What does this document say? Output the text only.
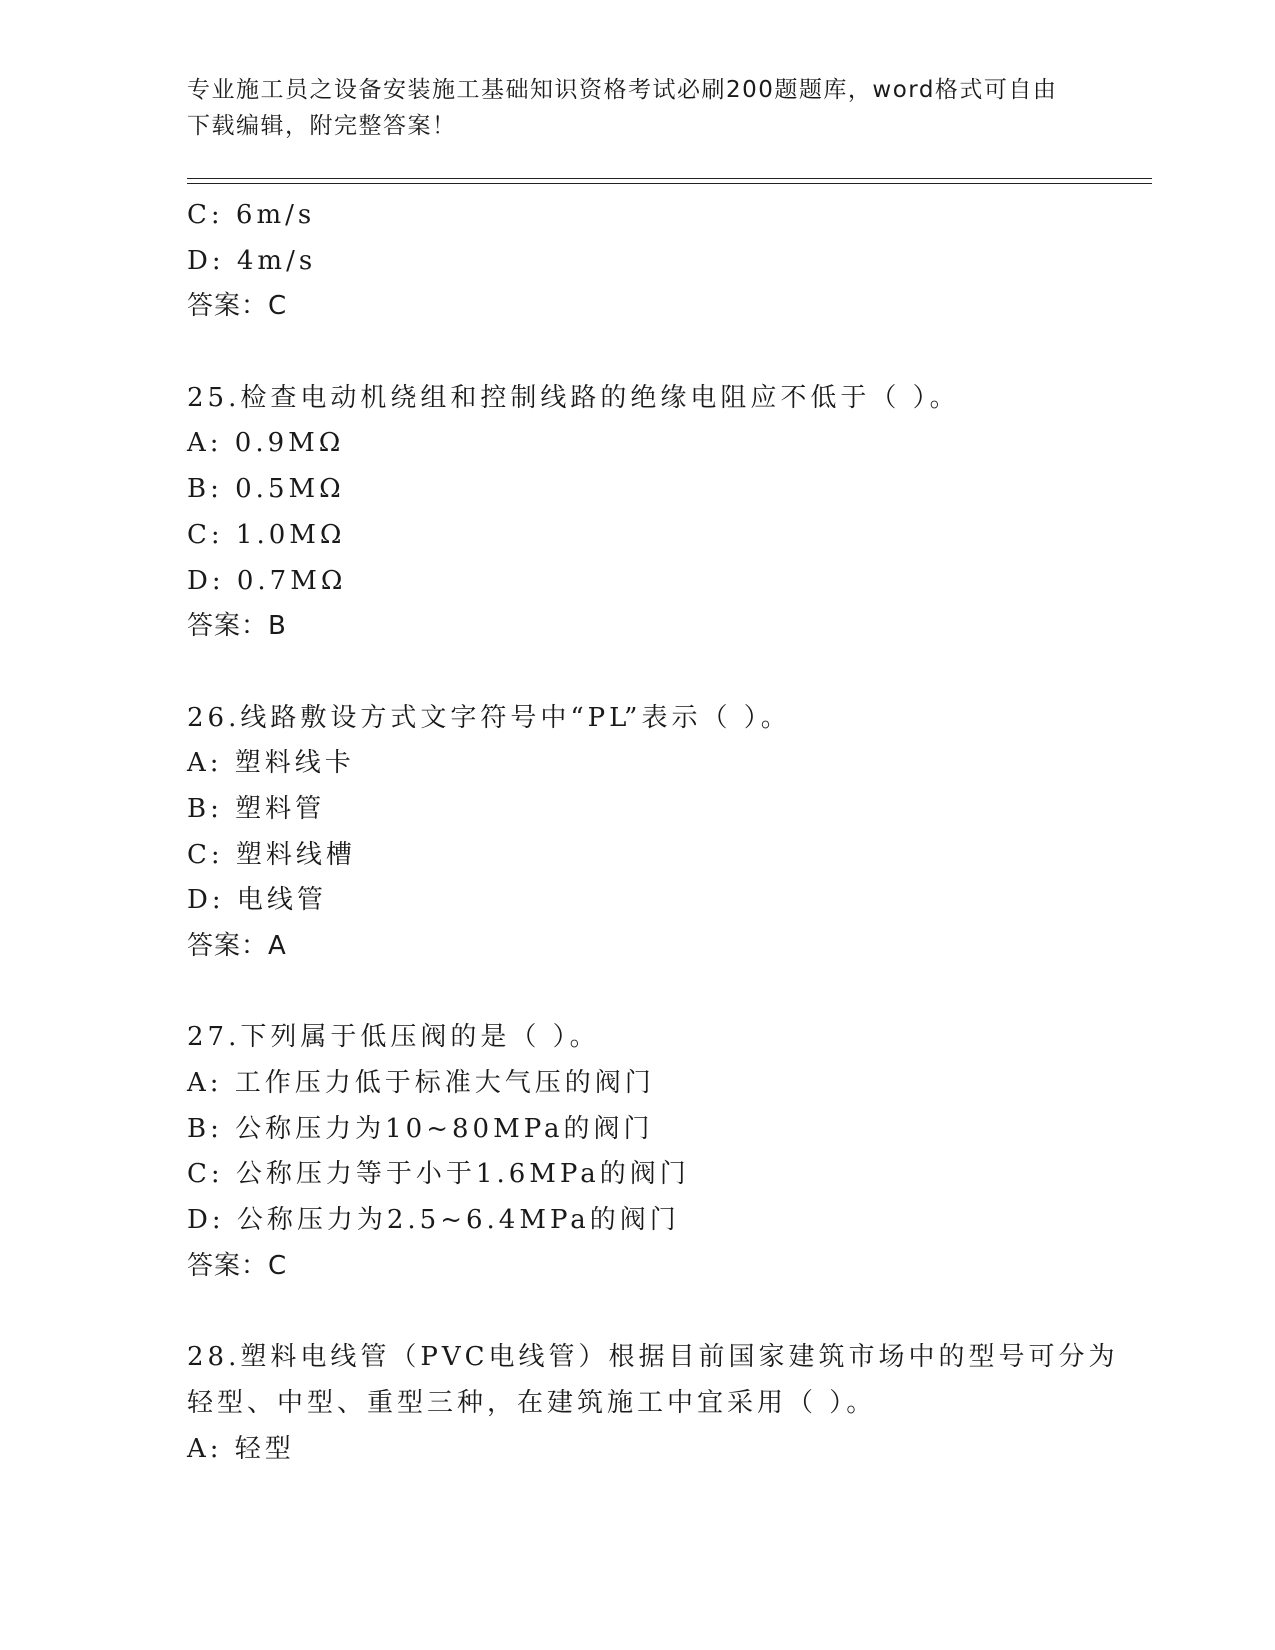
专业施工员之设备安装施工基础知识资格考试必刷200题题库，word格式可自由
下载编辑，附完整答案！
C: 6m/s
D: 4m/s
答案：C
25.检查电动机绕组和控制线路的绝缘电阻应不低于（ ）。
A: 0.9MΩ
B: 0.5MΩ
C: 1.0MΩ
D: 0.7MΩ
答案：B
26.线路敷设方式文字符号中“PL”表示（ ）。
A: 塑料线卡
B: 塑料管
C: 塑料线槽
D: 电线管
答案：A
27.下列属于低压阀的是（ ）。
A: 工作压力低于标准大气压的阀门
B: 公称压力为10~80MPa的阀门
C: 公称压力等于小于1.6MPa的阀门
D: 公称压力为2.5~6.4MPa的阀门
答案：C
28.塑料电线管（PVC电线管）根据目前国家建筑市场中的型号可分为
轻型、中型、重型三种，在建筑施工中宜采用（ ）。
A: 轻型
